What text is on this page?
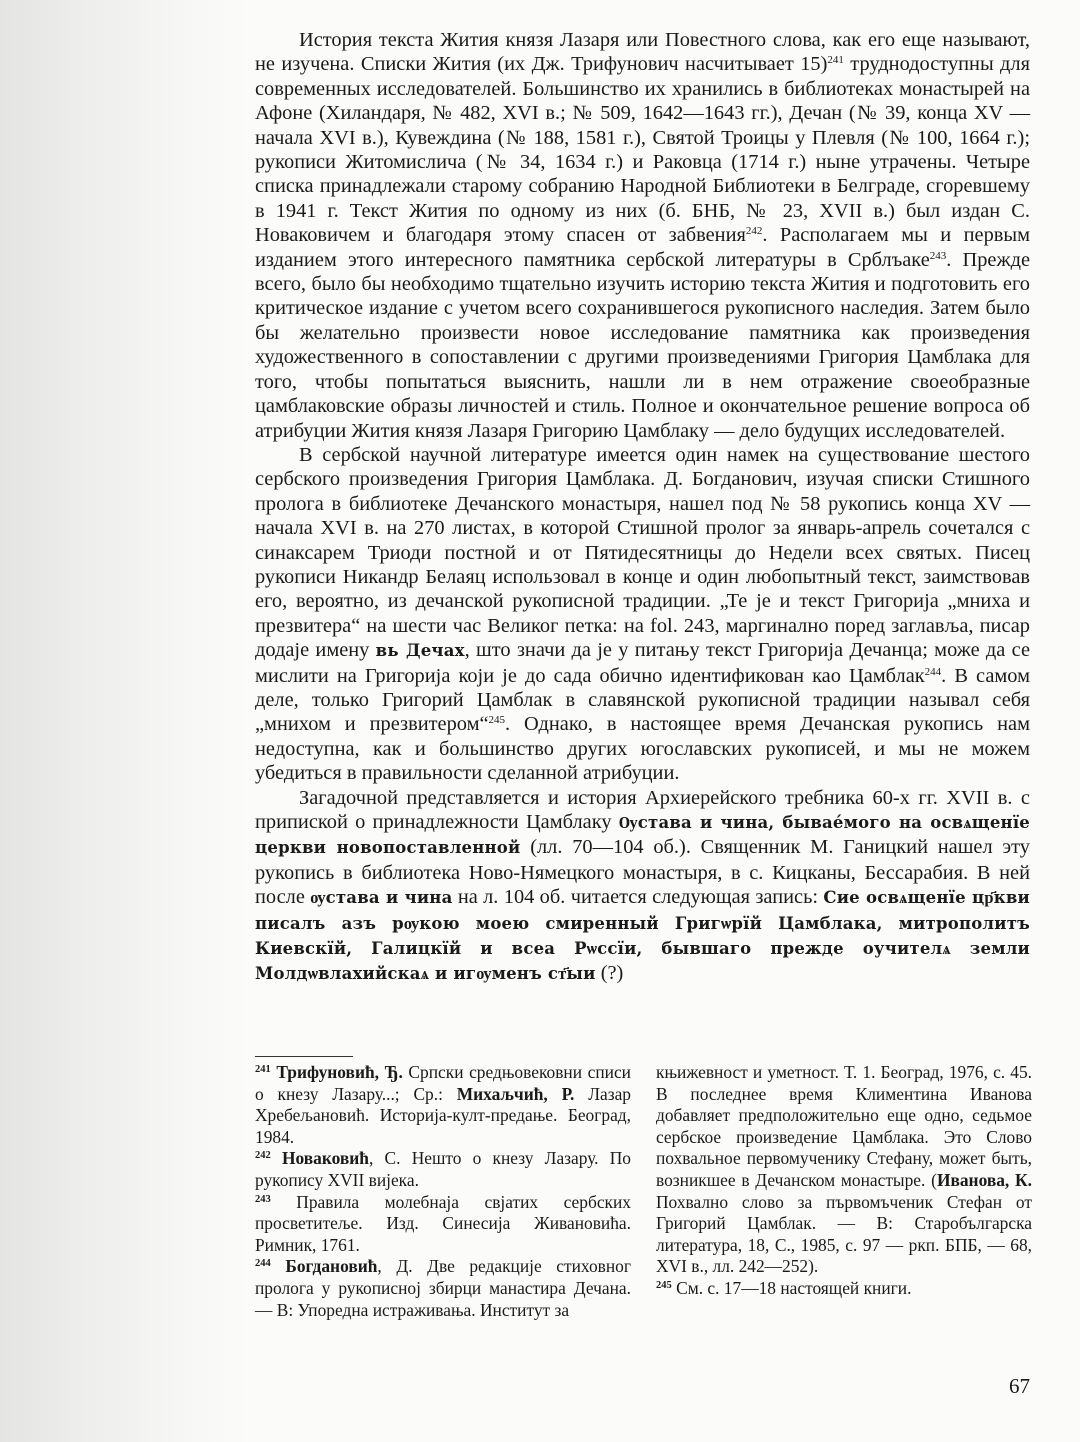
История текста Жития князя Лазаря или Повестного слова, как его еще называют, не изучена. Списки Жития (их Дж. Трифунович насчитывает 15)$^{241}$ труднодоступны для современных исследователей. Большинство их хранились в библиотеках монастырей на Афоне (Хиландаря, № 482, XVI в.; № 509, 1642—1643 гг.), Дечан (№ 39, конца XV — начала XVI в.), Кувеждина (№ 188, 1581 г.), Святой Троицы у Плевля (№ 100, 1664 г.); рукописи Житомислича (№ 34, 1634 г.) и Раковца (1714 г.) ныне утрачены. Четыре списка принадлежали старому собранию Народной Библиотеки в Белграде, сгоревшему в 1941 г. Текст Жития по одному из них (б. БНБ, № 23, XVII в.) был издан С. Новаковичем и благодаря этому спасен от забвения$^{242}$. Располагаем мы и первым изданием этого интересного памятника сербской литературы в Срблъаке$^{243}$. Прежде всего, было бы необходимо тщательно изучить историю текста Жития и подготовить его критическое издание с учетом всего сохранившегося рукописного наследия. Затем было бы желательно произвести новое исследование памятника как произведения художественного в сопоставлении с другими произведениями Григория Цамблака для того, чтобы попытаться выяснить, нашли ли в нем отражение своеобразные цамблаковские образы личностей и стиль. Полное и окончательное решение вопроса об атрибуции Жития князя Лазаря Григорию Цамблаку — дело будущих исследователей.

В сербской научной литературе имеется один намек на существование шестого сербского произведения Григория Цамблака. Д. Богданович, изучая списки Стишного пролога в библиотеке Дечанского монастыря, нашел под № 58 рукопись конца XV — начала XVI в. на 270 листах, в которой Стишной пролог за январь-апрель сочетался с синаксарем Триоди постной и от Пятидесятницы до Недели всех святых. Писец рукописи Никандр Белаяц использовал в конце и один любопытный текст, заимствовав его, вероятно, из дечанской рукописной традиции. „Те је и текст Григорија „мниха и презвитера“ на шести час Великог петка: на fol. 243, маргинално поред заглавља, писар додаје имену вь Дечах, што значи да је у питању текст Григорија Дечанца; може да се мислити на Григорија који је до сада обично идентификован као Цамблак$^{244}$. В самом деле, только Григорий Цамблак в славянской рукописной традиции называл себя „мнихом и презвитером“$^{245}$. Однако, в настоящее время Дечанская рукопись нам недоступна, как и большинство других югославских рукописей, и мы не можем убедиться в правильности сделанной атрибуции.

Загадочной представляется и история Архиерейского требника 60-х гг. XVII в. с припиской о принадлежности Цамблаку Ѹстава и чина, бывае́мого на освѧщенїе церкви новопоставленной (лл. 70—104 об.). Священник М. Ганицкий нашел эту рукопись в библиотека Ново-Нямецкого монастыря, в с. Кицканы, Бессарабия. В ней после ѹстава и чина на л. 104 об. читается следующая запись: Сие освѧщенїе цр҃кви писалъ азъ рѹкою моею смиренный Григѡрїй Цамблака, митрополитъ Киевскїй, Галицкїй и всеа Рѡссїи, бывшаго прежде оучителѧ земли Молдѡвлахийскаѧ и игѹменъ ст҃ыи (?)

$^{241}$ Трифуновић, Ђ. Српски средњовековни списи о кнезу Лазару...; Ср.: Михаљчић, Р. Лазар Хребељановић. Историја-култ-предање. Београд, 1984.

$^{242}$ Новаковић, С. Нешто о кнезу Лазару. По рукопису XVII вијека.

$^{243}$ Правила молебнаја свјатих сербских просветитеље. Изд. Синесија Живановића. Римник, 1761.

$^{244}$ Богдановић, Д. Две редакције стиховног пролога у рукописној збирци манастира Дечана. — В: Упоредна истраживања. Институт за

књижевност и уметност. Т. 1. Београд, 1976, с. 45. В последнее время Климентина Иванова добавляет предположительно еще одно, седьмое сербское произведение Цамблака. Это Слово похвальное первомученику Стефану, может быть, возникшее в Дечанском монастыре. (Иванова, К. Похвално слово за първомъченик Стефан от Григорий Цамблак. — В: Старобългарска литература, 18, С., 1985, с. 97 — ркп. БПБ, — 68, XVI в., лл. 242—252).

$^{245}$ См. с. 17—18 настоящей книги.

67
